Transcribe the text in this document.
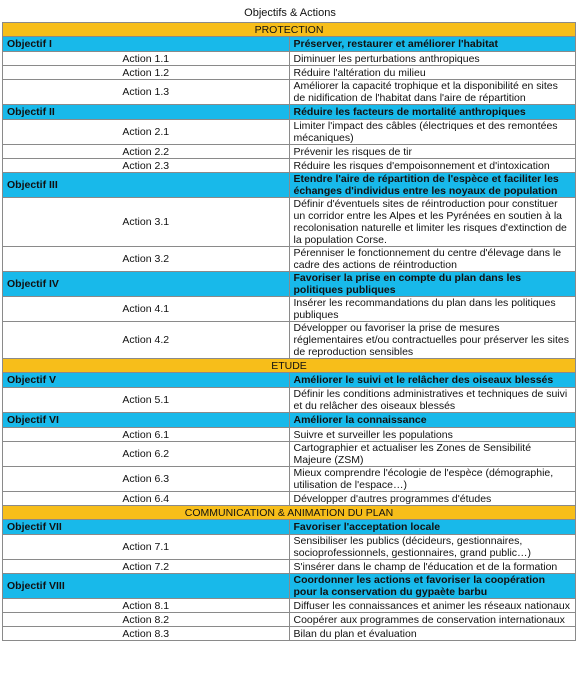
Objectifs & Actions
PROTECTION	
Objectif I	Préserver, restaurer et améliorer l'habitat
Action 1.1	Diminuer les perturbations anthropiques
Action 1.2	Réduire l'altération du milieu
Action 1.3	Améliorer la capacité trophique et la disponibilité en sites de nidification de l'habitat dans l'aire de répartition
Objectif II	Réduire les facteurs de mortalité anthropiques
Action 2.1	Limiter l'impact des câbles (électriques et des remontées mécaniques)
Action 2.2	Prévenir les risques de tir
Action 2.3	Réduire les risques d'empoisonnement et d'intoxication
Objectif III	Etendre l'aire de répartition de l'espèce et faciliter les échanges d'individus entre les noyaux de population
Action 3.1	Définir d'éventuels sites de réintroduction pour constituer un corridor entre les Alpes et les Pyrénées en soutien à la recolonisation naturelle et limiter les risques d'extinction de la population Corse.
Action 3.2	Pérenniser le fonctionnement du centre d'élevage dans le cadre des actions de réintroduction
Objectif IV	Favoriser la prise en compte du plan dans les politiques publiques
Action 4.1	Insérer les recommandations du plan dans les politiques publiques
Action 4.2	Développer ou favoriser la prise de mesures réglementaires et/ou contractuelles pour préserver les sites de reproduction sensibles
ETUDE	
Objectif V	Améliorer le suivi et le relâcher des oiseaux blessés
Action 5.1	Définir les conditions administratives et techniques de suivi et du relâcher des oiseaux blessés
Objectif VI	Améliorer la connaissance
Action 6.1	Suivre et surveiller les populations
Action 6.2	Cartographier et actualiser les Zones de Sensibilité Majeure (ZSM)
Action 6.3	Mieux comprendre l'écologie de l'espèce (démographie, utilisation de l'espace…)
Action 6.4	Développer d'autres programmes d'études
COMMUNICATION & ANIMATION DU PLAN	
Objectif VII	Favoriser l'acceptation locale
Action 7.1	Sensibiliser les publics (décideurs, gestionnaires, socioprofessionnels, gestionnaires, grand public…)
Action 7.2	S'insérer dans le champ de l'éducation et de la formation
Objectif VIII	Coordonner les actions et favoriser la coopération pour la conservation du gypaète barbu
Action 8.1	Diffuser les connaissances et animer les réseaux nationaux
Action 8.2	Coopérer aux programmes de conservation internationaux
Action 8.3	Bilan du plan et évaluation
